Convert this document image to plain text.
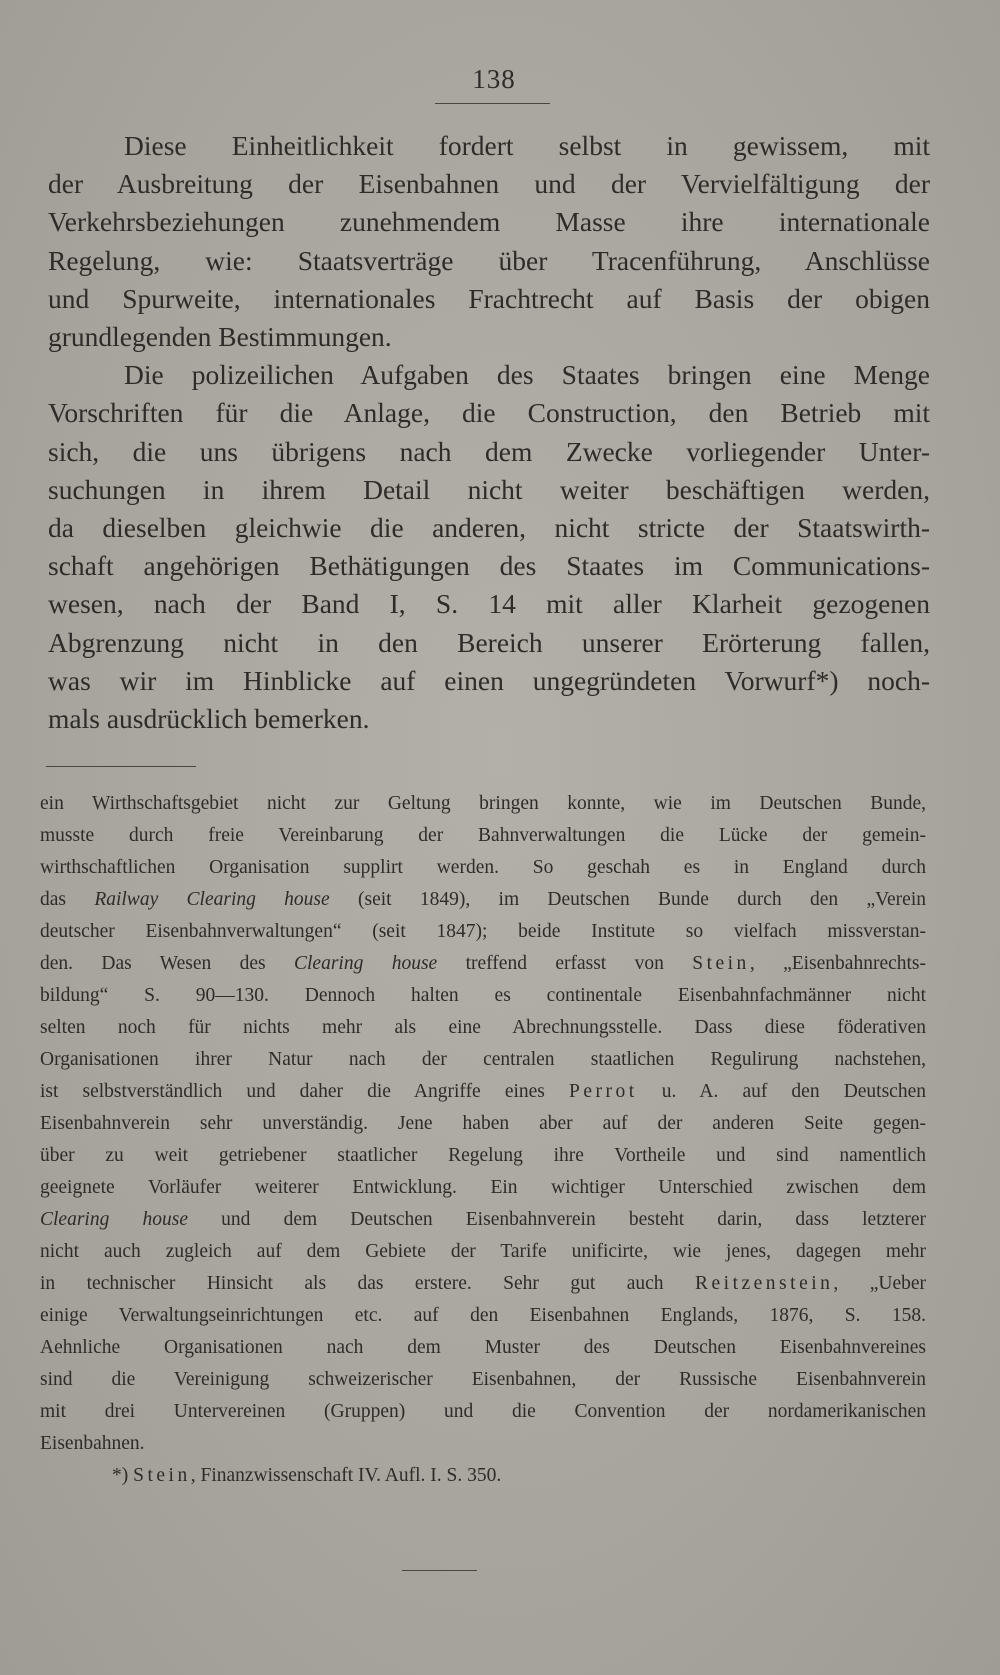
138
Diese Einheitlichkeit fordert selbst in gewissem, mit
der Ausbreitung der Eisenbahnen und der Vervielfältigung der
Verkehrsbeziehungen zunehmendem Masse ihre internationale
Regelung, wie: Staatsverträge über Tracenführung, Anschlüsse
und Spurweite, internationales Frachtrecht auf Basis der obigen
grundlegenden Bestimmungen.
Die polizeilichen Aufgaben des Staates bringen eine Menge
Vorschriften für die Anlage, die Construction, den Betrieb mit
sich, die uns übrigens nach dem Zwecke vorliegender Unter-
suchungen in ihrem Detail nicht weiter beschäftigen werden,
da dieselben gleichwie die anderen, nicht stricte der Staatswirth-
schaft angehörigen Bethätigungen des Staates im Communications-
wesen, nach der Band I, S. 14 mit aller Klarheit gezogenen
Abgrenzung nicht in den Bereich unserer Erörterung fallen,
was wir im Hinblicke auf einen ungegründeten Vorwurf*) noch-
mals ausdrücklich bemerken.
ein Wirthschaftsgebiet nicht zur Geltung bringen konnte, wie im Deutschen Bunde,
musste durch freie Vereinbarung der Bahnverwaltungen die Lücke der gemein-
wirthschaftlichen Organisation supplirt werden. So geschah es in England durch
das Railway Clearing house (seit 1849), im Deutschen Bunde durch den „Verein
deutscher Eisenbahnverwaltungen“ (seit 1847); beide Institute so vielfach missverstan-
den. Das Wesen des Clearing house treffend erfasst von Stein, „Eisenbahnrechts-
bildung“ S. 90—130. Dennoch halten es continentale Eisenbahnfachmänner nicht
selten noch für nichts mehr als eine Abrechnungsstelle. Dass diese föderativen
Organisationen ihrer Natur nach der centralen staatlichen Regulirung nachstehen,
ist selbstverständlich und daher die Angriffe eines Perrot u. A. auf den Deutschen
Eisenbahnverein sehr unverständig. Jene haben aber auf der anderen Seite gegen-
über zu weit getriebener staatlicher Regelung ihre Vortheile und sind namentlich
geeignete Vorläufer weiterer Entwicklung. Ein wichtiger Unterschied zwischen dem
Clearing house und dem Deutschen Eisenbahnverein besteht darin, dass letzterer
nicht auch zugleich auf dem Gebiete der Tarife unificirte, wie jenes, dagegen mehr
in technischer Hinsicht als das erstere. Sehr gut auch Reitzenstein, „Ueber
einige Verwaltungseinrichtungen etc. auf den Eisenbahnen Englands, 1876, S. 158.
Aehnliche Organisationen nach dem Muster des Deutschen Eisenbahnvereines
sind die Vereinigung schweizerischer Eisenbahnen, der Russische Eisenbahnverein
mit drei Untervereinen (Gruppen) und die Convention der nordamerikanischen
Eisenbahnen.
*) Stein, Finanzwissenschaft IV. Aufl. I. S. 350.
